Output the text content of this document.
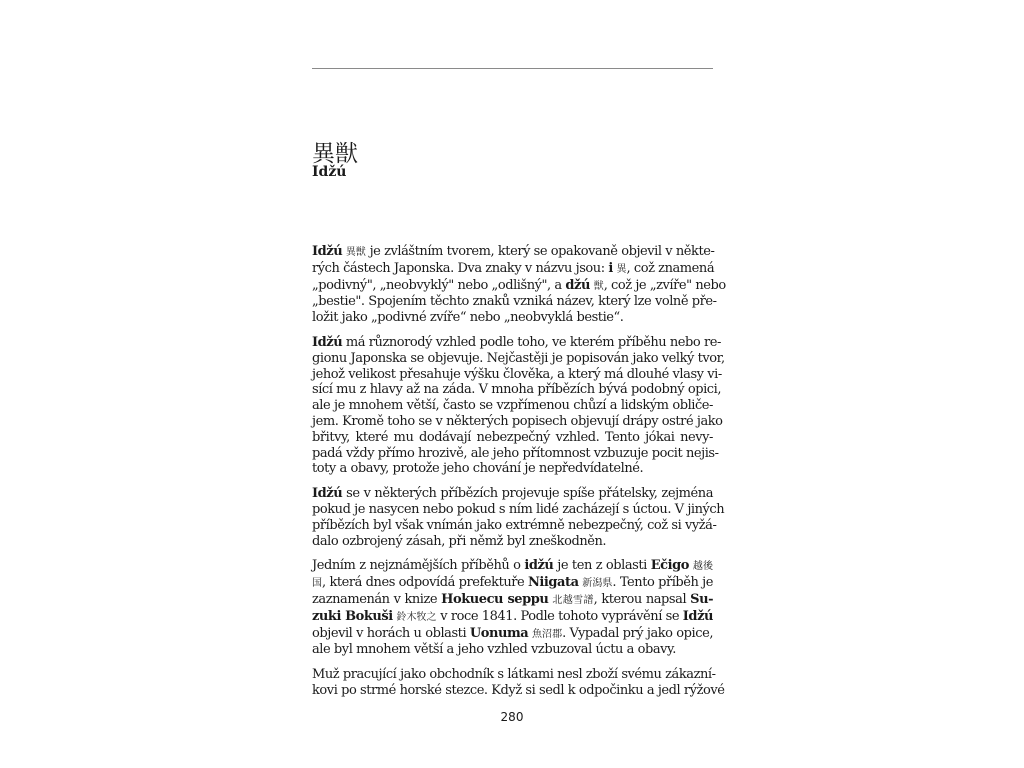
異獣
Idžú
Idžú 異獣 je zvláštním tvorem, který se opakovaně objevil v někte-
rých částech Japonska. Dva znaky v názvu jsou: i 異, což znamená
„podivný", „neobvyklý" nebo „odlišný", a džú 獣, což je „zvíře" nebo
„bestie". Spojením těchto znaků vzniká název, který lze volně pře-
ložit jako „podivné zvíře“ nebo „neobvyklá bestie“.
Idžú má různorodý vzhled podle toho, ve kterém příběhu nebo re-
gionu Japonska se objevuje. Nejčastěji je popisován jako velký tvor,
jehož velikost přesahuje výšku člověka, a který má dlouhé vlasy vi-
sící mu z hlavy až na záda. V mnoha příbězích bývá podobný opici,
ale je mnohem větší, často se vzpřímenou chůzí a lidským obliče-
jem. Kromě toho se v některých popisech objevují drápy ostré jako
břitvy, které mu dodávají nebezpečný vzhled. Tento jókai nevy-
padá vždy přímo hrozivě, ale jeho přítomnost vzbuzuje pocit nejis-
toty a obavy, protože jeho chování je nepředvídatelné.
Idžú se v některých příbězích projevuje spíše přátelsky, zejména
pokud je nasycen nebo pokud s ním lidé zacházejí s úctou. V jiných
příbězích byl však vnímán jako extrémně nebezpečný, což si vyžá-
dalo ozbrojený zásah, při němž byl zneškodněn.
Jedním z nejznámějších příběhů o idžú je ten z oblasti Ečigo 越後
国, která dnes odpovídá prefektuře Niigata 新潟県. Tento příběh je
zaznamenán v knize Hokuecu seppu 北越雪譜, kterou napsal Su-
zuki Bokuši 鈴木牧之 v roce 1841. Podle tohoto vyprávění se Idžú
objevil v horách u oblasti Uonuma 魚沼郡. Vypadal prý jako opice,
ale byl mnohem větší a jeho vzhled vzbuzoval úctu a obavy.
Muž pracující jako obchodník s látkami nesl zboží svému zákazní-
kovi po strmé horské stezce. Když si sedl k odpočinku a jedl rýžové
280
